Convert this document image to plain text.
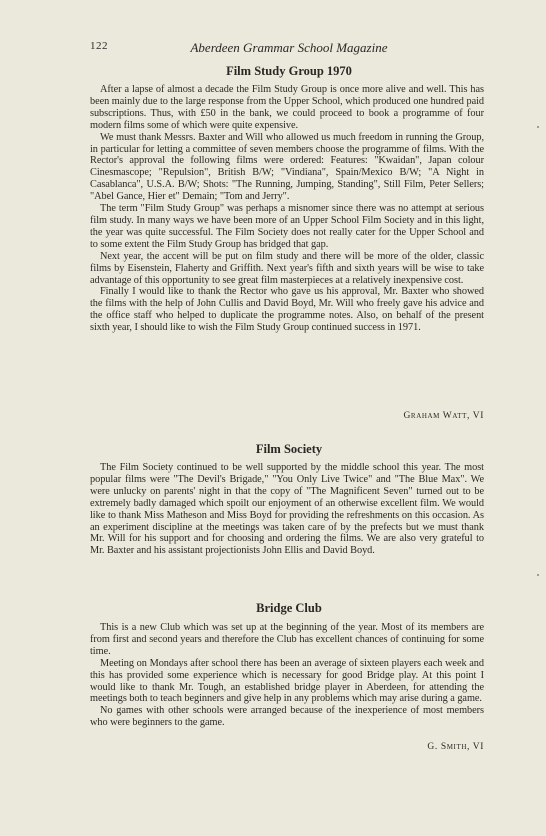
122	Aberdeen Grammar School Magazine
Film Study Group 1970

After a lapse of almost a decade the Film Study Group is once more alive and well. This has been mainly due to the large response from the Upper School, which produced one hundred paid subscriptions. Thus, with £50 in the bank, we could proceed to book a programme of four modern films some of which were quite expensive.

We must thank Messrs. Baxter and Will who allowed us much freedom in running the Group, in particular for letting a committee of seven members choose the programme of films. With the Rector's approval the following films were ordered: Features: "Kwaidan", Japan colour Cinesmascope; "Repulsion", British B/W; "Vindiana", Spain/Mexico B/W; "A Night in Casablanca", U.S.A. B/W; Shots: "The Running, Jumping, Standing", Still Film, Peter Sellers; "Abel Gance, Hier et" Demain; "Tom and Jerry".

The term "Film Study Group" was perhaps a misnomer since there was no attempt at serious film study. In many ways we have been more of an Upper School Film Society and in this light, the year was quite successful. The Film Society does not really cater for the Upper School and to some extent the Film Study Group has bridged that gap.

Next year, the accent will be put on film study and there will be more of the older, classic films by Eisenstein, Flaherty and Griffith. Next year's fifth and sixth years will be wise to take advantage of this opportunity to see great film masterpieces at a relatively inexpensive cost.

Finally I would like to thank the Rector who gave us his approval, Mr. Baxter who showed the films with the help of John Cullis and David Boyd, Mr. Will who freely gave his advice and the office staff who helped to duplicate the programme notes. Also, on behalf of the present sixth year, I should like to wish the Film Study Group continued success in 1971.

Graham Watt, VI
Film Society

The Film Society continued to be well supported by the middle school this year. The most popular films were "The Devil's Brigade," "You Only Live Twice" and "The Blue Max". We were unlucky on parents' night in that the copy of "The Magnificent Seven" turned out to be extremely badly damaged which spoilt our enjoyment of an otherwise excellent film. We would like to thank Miss Matheson and Miss Boyd for providing the refreshments on this occasion. As an experiment discipline at the meetings was taken care of by the prefects but we must thank Mr. Will for his support and for choosing and ordering the films. We are also very grateful to Mr. Baxter and his assistant projectionists John Ellis and David Boyd.

Bridge Club

This is a new Club which was set up at the beginning of the year. Most of its members are from first and second years and therefore the Club has excellent chances of continuing for some time.

Meeting on Mondays after school there has been an average of sixteen players each week and this has provided some experience which is necessary for good Bridge play. At this point I would like to thank Mr. Tough, an established bridge player in Aberdeen, for attending the meetings both to teach beginners and give help in any problems which may arise during a game.

No games with other schools were arranged because of the inexperience of most members who were beginners to the game.

G. Smith, VI
